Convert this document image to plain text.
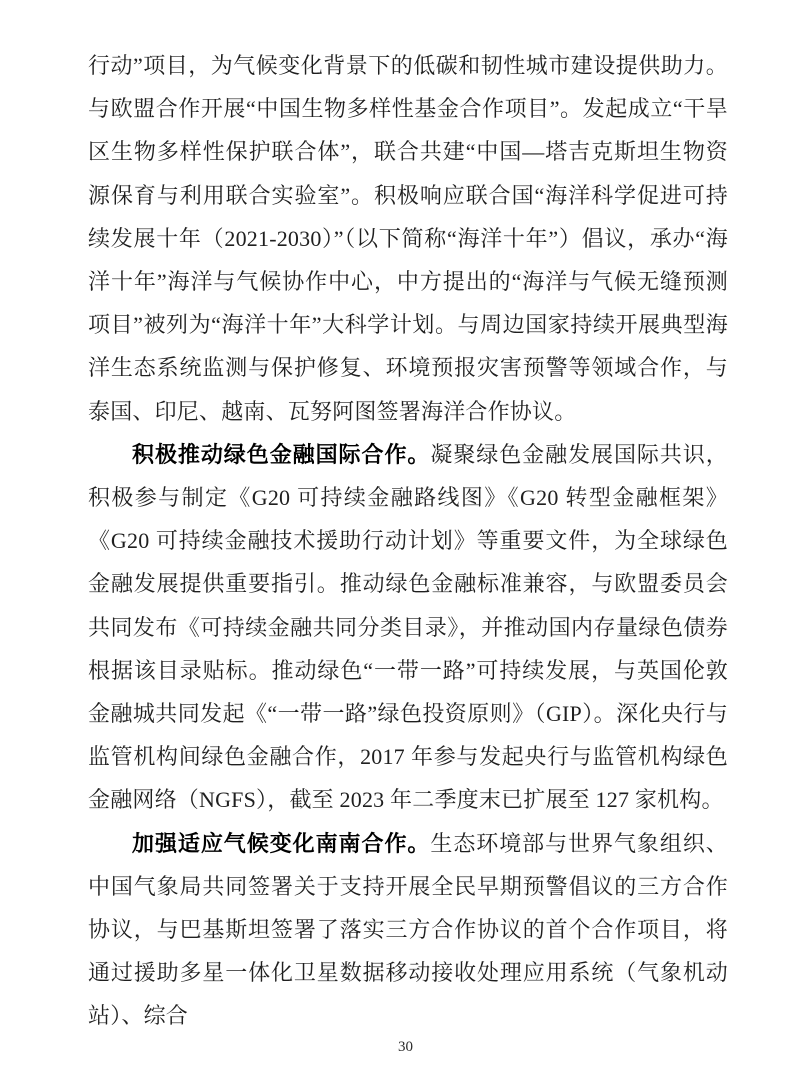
行动”项目，为气候变化背景下的低碳和韧性城市建设提供助力。与欧盟合作开展“中国生物多样性基金合作项目”。发起成立“干旱区生物多样性保护联合体”，联合共建“中国—塔吉克斯坦生物资源保育与利用联合实验室”。积极响应联合国“海洋科学促进可持续发展十年（2021-2030）”（以下简称“海洋十年”）倡议，承办“海洋十年”海洋与气候协作中心，中方提出的“海洋与气候无缝预测项目”被列为“海洋十年”大科学计划。与周边国家持续开展典型海洋生态系统监测与保护修复、环境预报灾害预警等领域合作，与泰国、印尼、越南、瓦努阿图签署海洋合作协议。

积极推动绿色金融国际合作。凝聚绿色金融发展国际共识，积极参与制定《G20 可持续金融路线图》《G20 转型金融框架》《G20 可持续金融技术援助行动计划》等重要文件，为全球绿色金融发展提供重要指引。推动绿色金融标准兼容，与欧盟委员会共同发布《可持续金融共同分类目录》，并推动国内存量绿色债券根据该目录贴标。推动绿色“一带一路”可持续发展，与英国伦敦金融城共同发起《“一带一路”绿色投资原则》（GIP）。深化央行与监管机构间绿色金融合作，2017 年参与发起央行与监管机构绿色金融网络（NGFS），截至 2023 年二季度末已扩展至 127 家机构。

加强适应气候变化南南合作。生态环境部与世界气象组织、中国气象局共同签署关于支持开展全民早期预警倡议的三方合作协议，与巴基斯坦签署了落实三方合作协议的首个合作项目，将通过援助多星一体化卫星数据移动接收处理应用系统（气象机动站）、综合

30
